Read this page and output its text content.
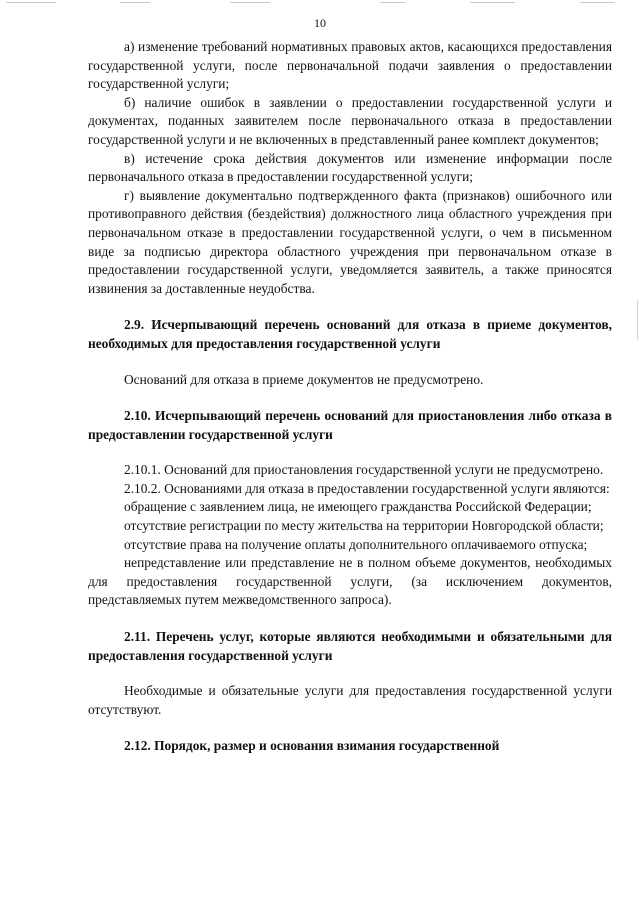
10

а) изменение требований нормативных правовых актов, касающихся предоставления государственной услуги, после первоначальной подачи заявления о предоставлении государственной услуги;

б) наличие ошибок в заявлении о предоставлении государственной услуги и документах, поданных заявителем после первоначального отказа в предоставлении государственной услуги и не включенных в представленный ранее комплект документов;

в) истечение срока действия документов или изменение информации после первоначального отказа в предоставлении государственной услуги;

г) выявление документально подтвержденного факта (признаков) ошибочного или противоправного действия (бездействия) должностного лица областного учреждения при первоначальном отказе в предоставлении государственной услуги, о чем в письменном виде за подписью директора областного учреждения при первоначальном отказе в предоставлении государственной услуги, уведомляется заявитель, а также приносятся извинения за доставленные неудобства.

2.9. Исчерпывающий перечень оснований для отказа в приеме документов, необходимых для предоставления государственной услуги

Оснований для отказа в приеме документов не предусмотрено.

2.10. Исчерпывающий перечень оснований для приостановления либо отказа в предоставлении государственной услуги

2.10.1. Оснований для приостановления государственной услуги не предусмотрено.

2.10.2. Основаниями для отказа в предоставлении государственной услуги являются:

обращение с заявлением лица, не имеющего гражданства Российской Федерации;

отсутствие регистрации по месту жительства на территории Новгородской области;

отсутствие права на получение оплаты дополнительного оплачиваемого отпуска;

непредставление или представление не в полном объеме документов, необходимых для предоставления государственной услуги, (за исключением документов, представляемых путем межведомственного запроса).

2.11. Перечень услуг, которые являются необходимыми и обязательными для предоставления государственной услуги

Необходимые и обязательные услуги для предоставления государственной услуги отсутствуют.

2.12. Порядок, размер и основания взимания государственной
